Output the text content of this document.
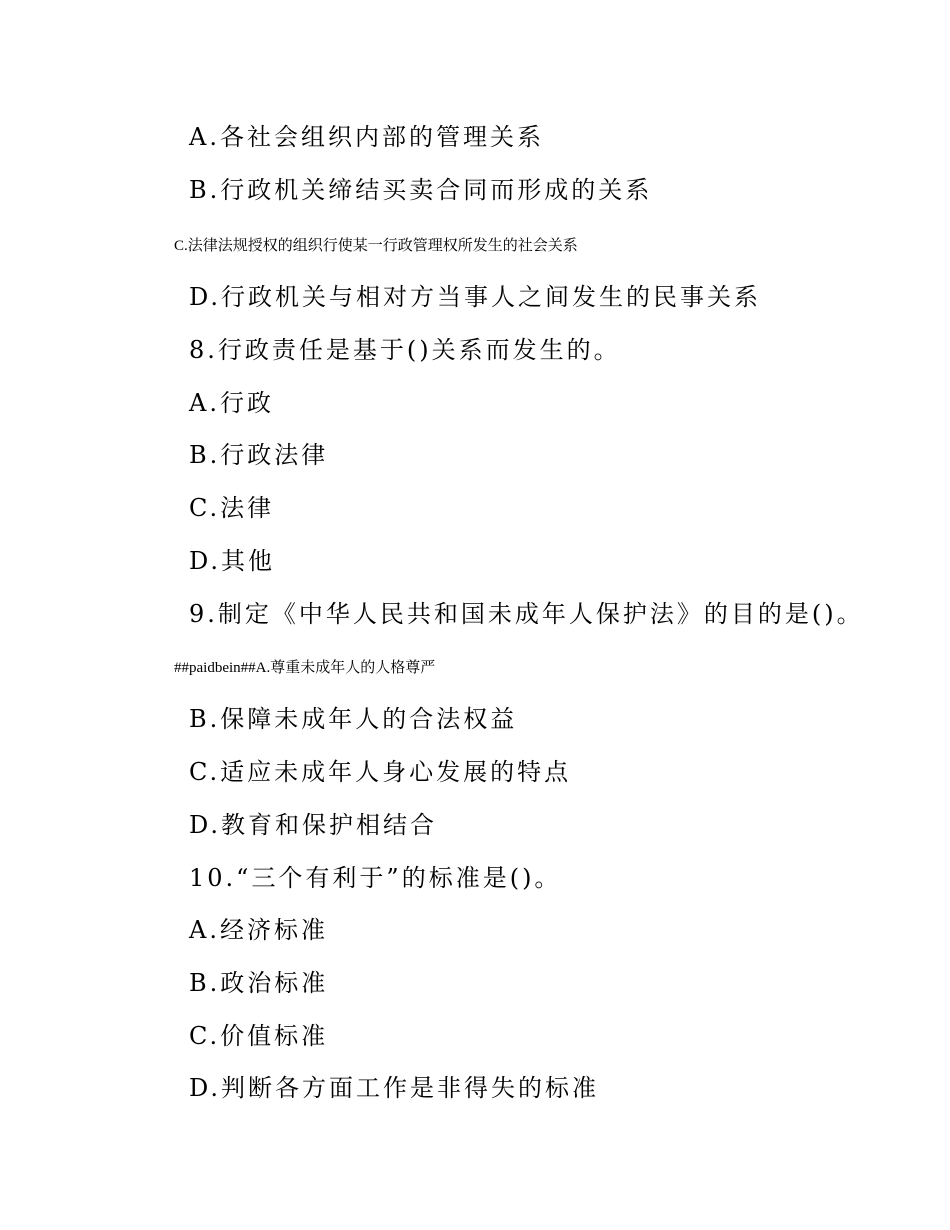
A.各社会组织内部的管理关系
B.行政机关缔结买卖合同而形成的关系
C.法律法规授权的组织行使某一行政管理权所发生的社会关系
D.行政机关与相对方当事人之间发生的民事关系
8.行政责任是基于()关系而发生的。
A.行政
B.行政法律
C.法律
D.其他
9.制定《中华人民共和国未成年人保护法》的目的是()。
##paidbein##A.尊重未成年人的人格尊严
B.保障未成年人的合法权益
C.适应未成年人身心发展的特点
D.教育和保护相结合
10.“三个有利于”的标准是()。
A.经济标准
B.政治标准
C.价值标准
D.判断各方面工作是非得失的标准
